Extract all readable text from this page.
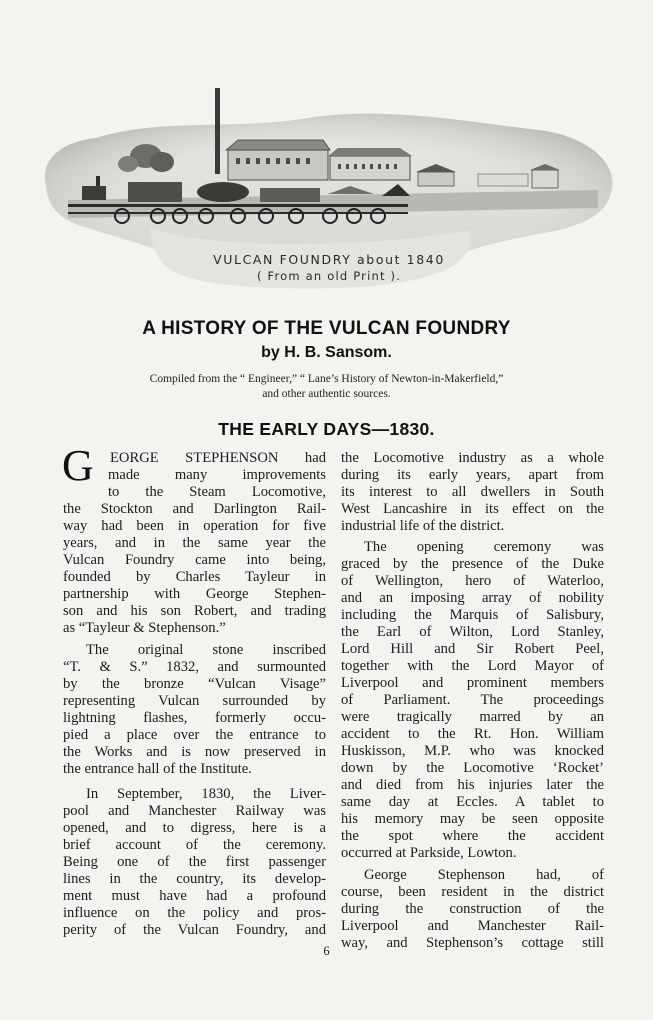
VULCAN FOUNDRY about 1840
( From an old Print ).
A HISTORY OF THE VULCAN FOUNDRY
by H. B. Sansom.
Compiled from the “ Engineer,” “ Lane’s History of Newton-in-Makerfield,”
and other authentic sources.
THE EARLY DAYS—1830.
G EORGE STEPHENSON had
made many improvements
to the Steam Locomotive,
the Stockton and Darlington Rail-
way had been in operation for five
years, and in the same year the
Vulcan Foundry came into being,
founded by Charles Tayleur in
partnership with George Stephen-
son and his son Robert, and trading
as “Tayleur & Stephenson.”
The original stone inscribed
“T. & S.” 1832, and surmounted
by the bronze “Vulcan Visage”
representing Vulcan surrounded by
lightning flashes, formerly occu-
pied a place over the entrance to
the Works and is now preserved in
the entrance hall of the Institute.
In September, 1830, the Liver-
pool and Manchester Railway was
opened, and to digress, here is a
brief account of the ceremony.
Being one of the first passenger
lines in the country, its develop-
ment must have had a profound
influence on the policy and pros-
perity of the Vulcan Foundry, and
the Locomotive industry as a whole
during its early years, apart from
its interest to all dwellers in South
West Lancashire in its effect on the
industrial life of the district.
The opening ceremony was
graced by the presence of the Duke
of Wellington, hero of Waterloo,
and an imposing array of nobility
including the Marquis of Salisbury,
the Earl of Wilton, Lord Stanley,
Lord Hill and Sir Robert Peel,
together with the Lord Mayor of
Liverpool and prominent members
of Parliament. The proceedings
were tragically marred by an
accident to the Rt. Hon. William
Huskisson, M.P. who was knocked
down by the Locomotive ‘Rocket’
and died from his injuries later the
same day at Eccles. A tablet to
his memory may be seen opposite
the spot where the accident
occurred at Parkside, Lowton.
George Stephenson had, of
course, been resident in the district
during the construction of the
Liverpool and Manchester Rail-
way, and Stephenson’s cottage still
6
